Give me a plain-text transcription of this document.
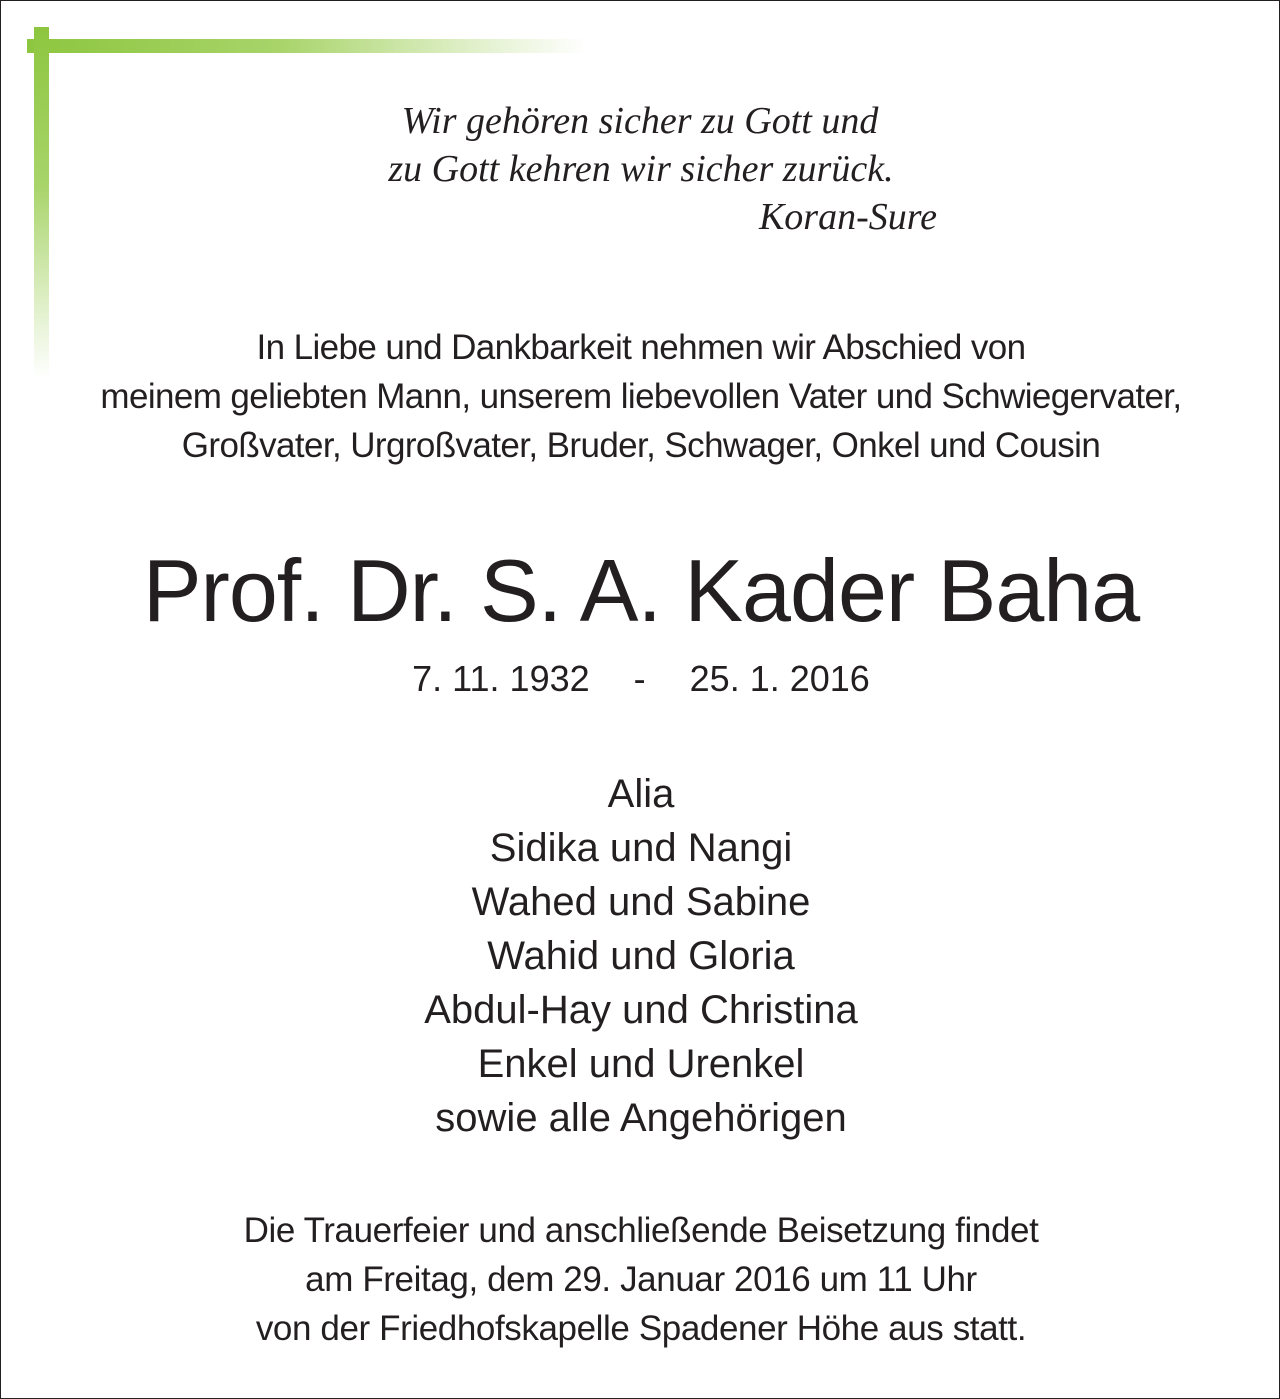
Wir gehören sicher zu Gott und
zu Gott kehren wir sicher zurück.
Koran-Sure
In Liebe und Dankbarkeit nehmen wir Abschied von
meinem geliebten Mann, unserem liebevollen Vater und Schwiegervater,
Großvater, Urgroßvater, Bruder, Schwager, Onkel und Cousin
Prof. Dr. S. A. Kader Baha
7. 11. 1932 - 25. 1. 2016
Alia
Sidika und Nangi
Wahed und Sabine
Wahid und Gloria
Abdul-Hay und Christina
Enkel und Urenkel
sowie alle Angehörigen
Die Trauerfeier und anschließende Beisetzung findet
am Freitag, dem 29. Januar 2016 um 11 Uhr
von der Friedhofskapelle Spadener Höhe aus statt.
